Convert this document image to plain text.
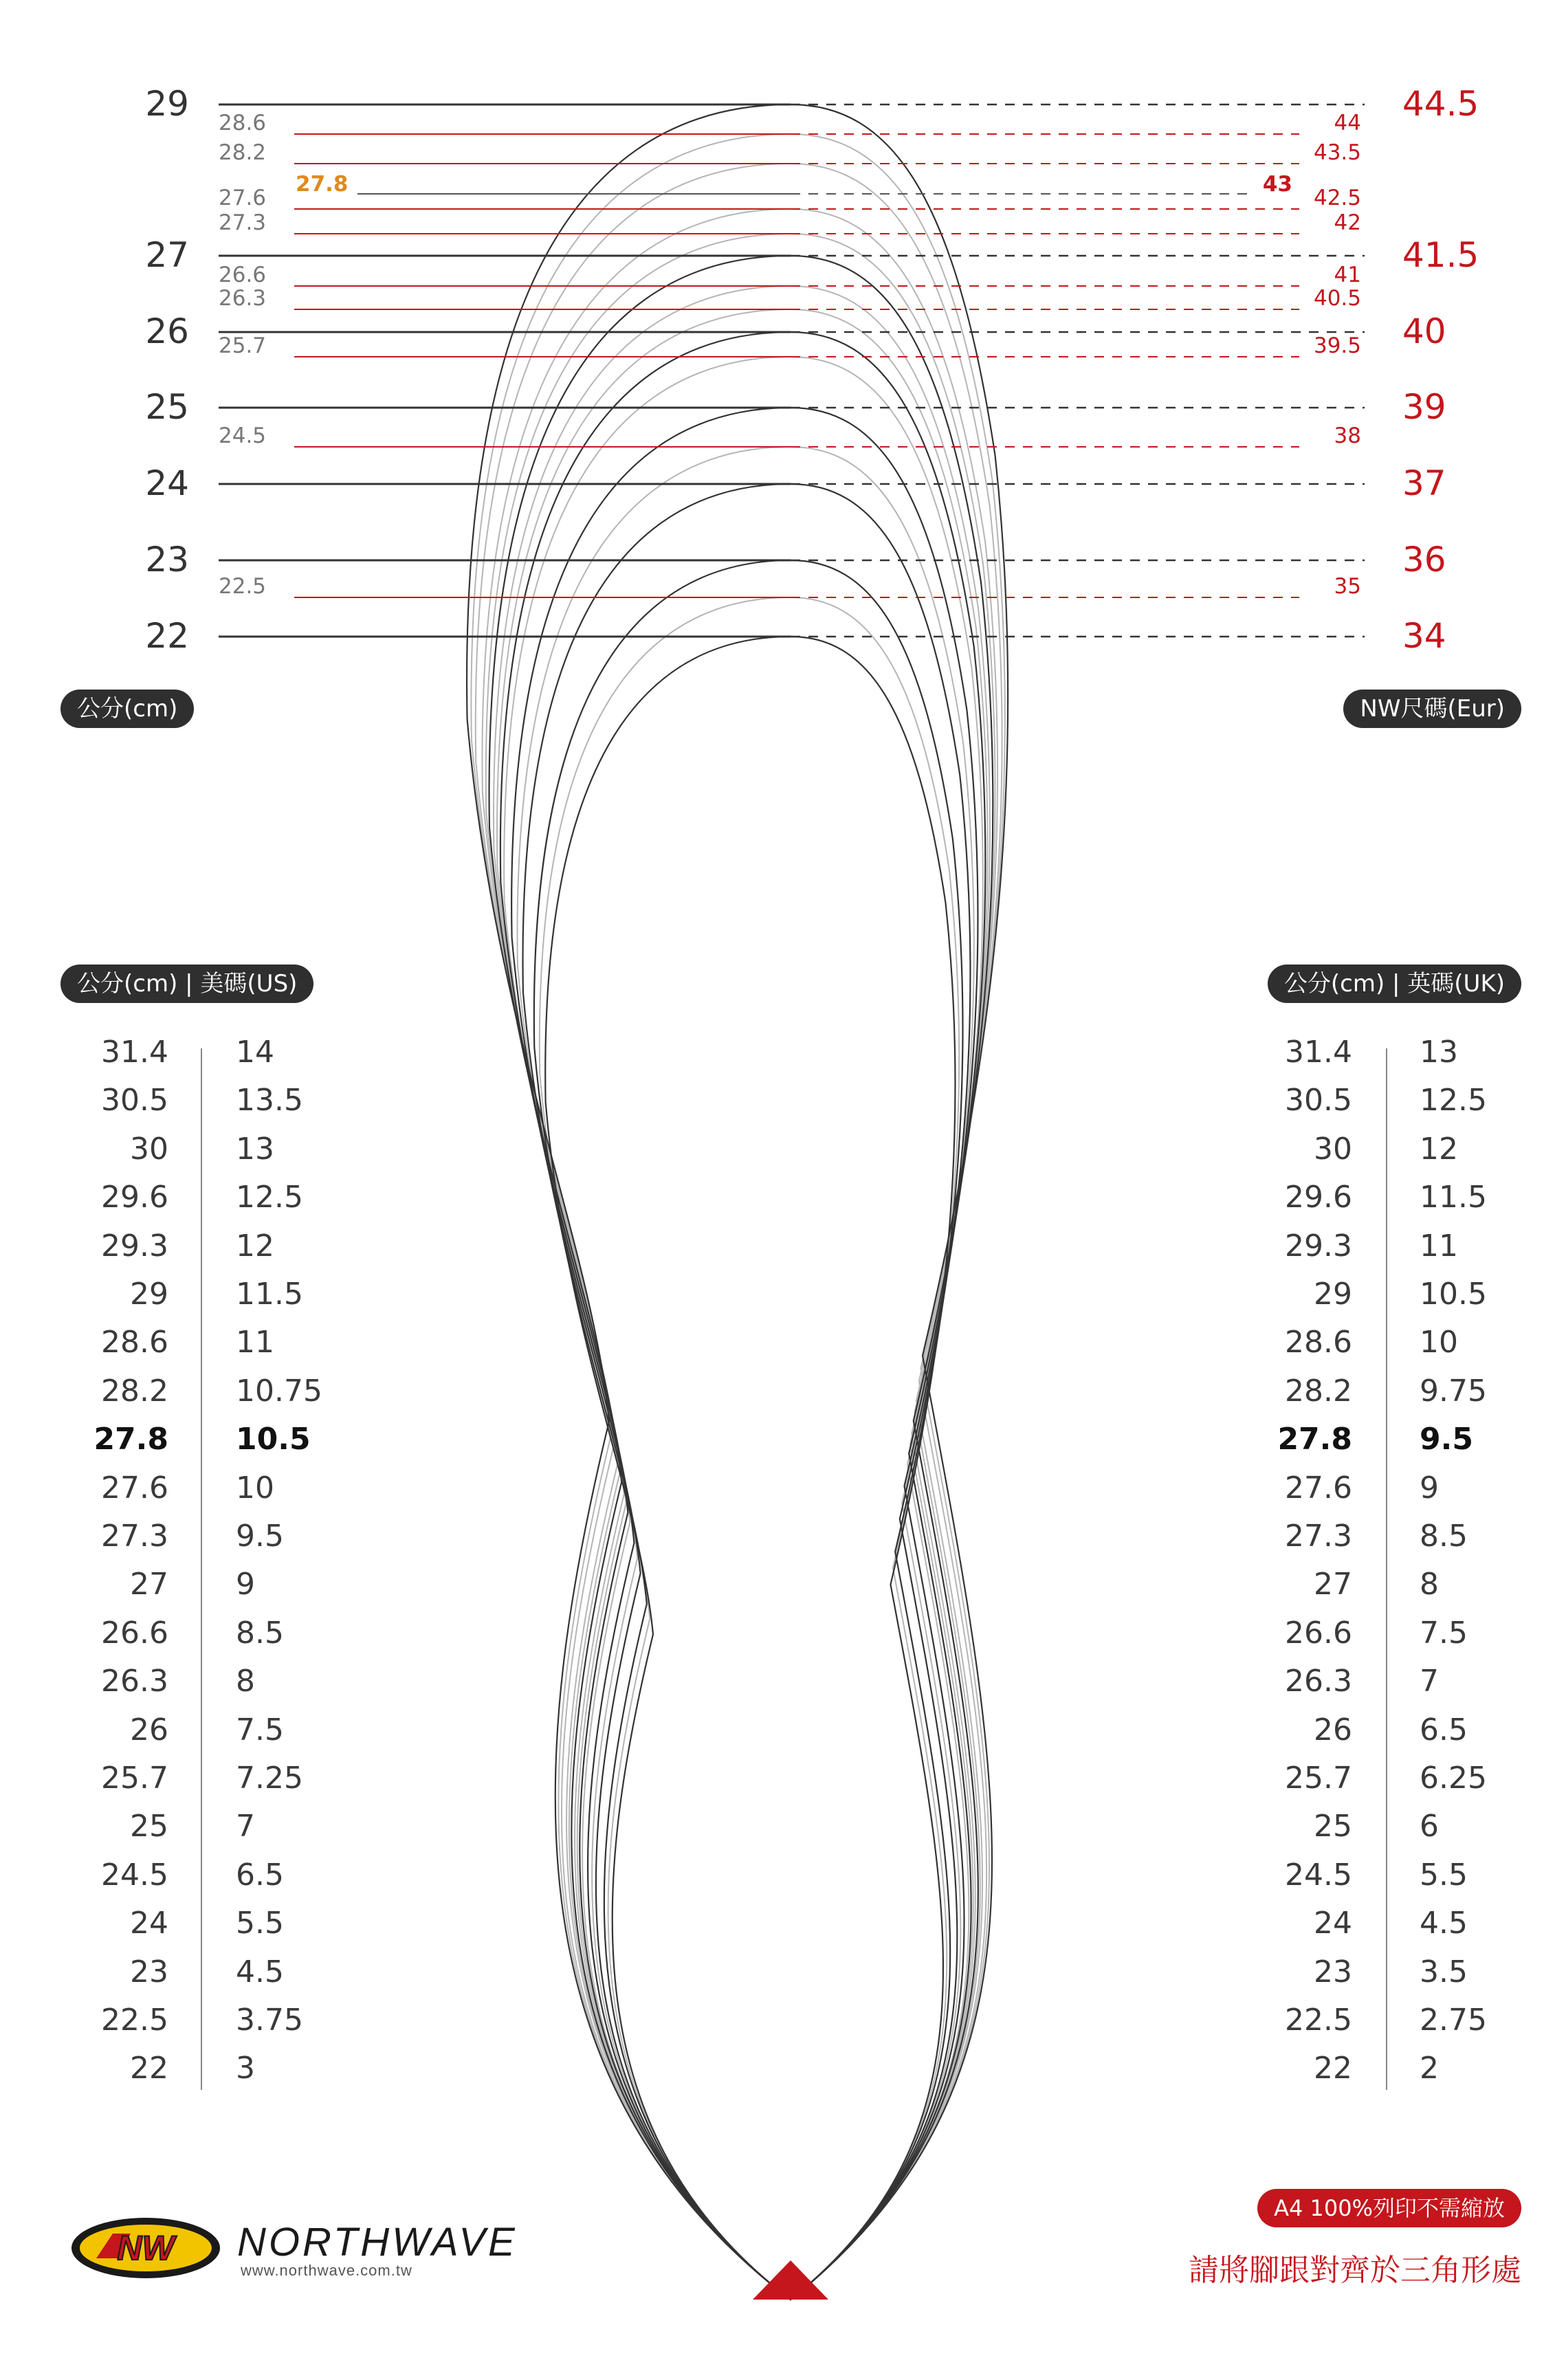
29	44.5
27	41.5
26	40
25	39
24	37
23	36
22	34
28.6	44
28.2	43.5
27.6	42.5
27.3	42
26.6	41
26.3	40.5
25.7	39.5
24.5	38
22.5	35
27.8	43
公分(cm)	NW尺碼(Eur)
公分(cm) | 美碼(US)	公分(cm) | 英碼(UK)
31.4 14
30.5 13.5
30 13
29.6 12.5
29.3 12
29 11.5
28.6 11
28.2 10.75
27.8 10.5
27.6 10
27.3 9.5
27 9
26.6 8.5
26.3 8
26 7.5
25.7 7.25
25 7
24.5 6.5
24 5.5
23 4.5
22.5 3.75
22 3
31.4 13
30.5 12.5
30 12
29.6 11.5
29.3 11
29 10.5
28.6 10
28.2 9.75
27.8 9.5
27.6 9
27.3 8.5
27 8
26.6 7.5
26.3 7
26 6.5
25.7 6.25
25 6
24.5 5.5
24 4.5
23 3.5
22.5 2.75
22 2
A4 100%列印不需縮放
請將腳跟對齊於三角形處
NW NORTHWAVE
www.northwave.com.tw
